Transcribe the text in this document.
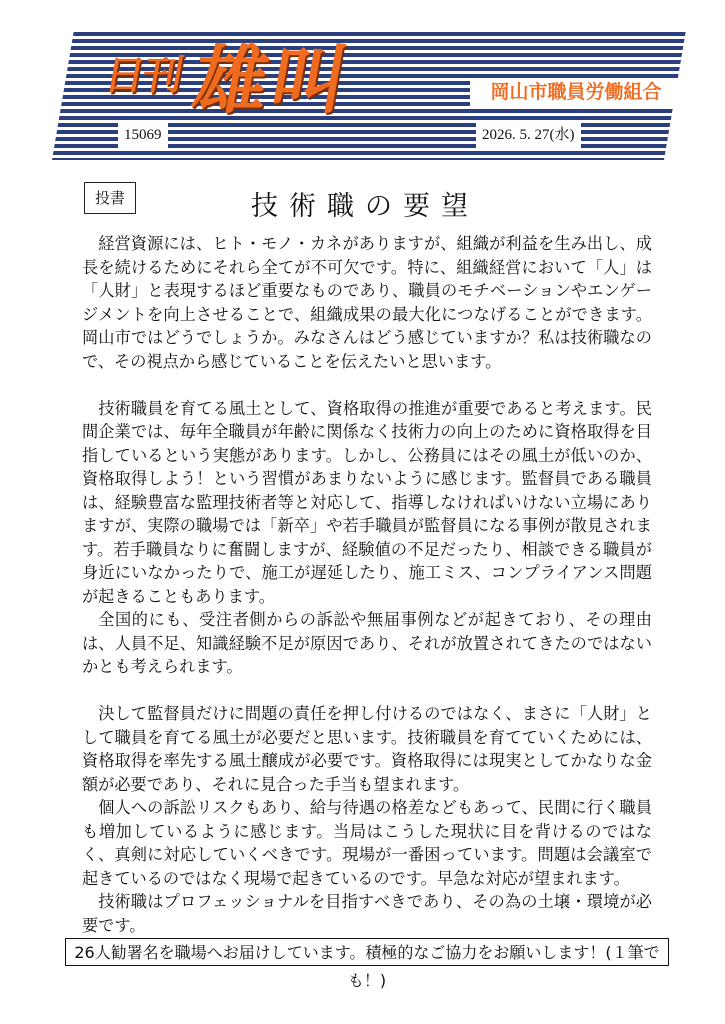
日刊雄叫	岡山市職員労働組合
15069	2026. 5. 27(水)
投書	技術職の要望

経営資源には、ヒト・モノ・カネがありますが、組織が利益を生み出し、成長を続けるためにそれら全てが不可欠です。特に、組織経営において「人」は「人財」と表現するほど重要なものであり、職員のモチベーションやエンゲージメントを向上させることで、組織成果の最大化につなげることができます。岡山市ではどうでしょうか。みなさんはどう感じていますか？私は技術職なので、その視点から感じていることを伝えたいと思います。

技術職員を育てる風土として、資格取得の推進が重要であると考えます。民間企業では、毎年全職員が年齢に関係なく技術力の向上のために資格取得を目指しているという実態があります。しかし、公務員にはその風土が低いのか、資格取得しよう！という習慣があまりないように感じます。監督員である職員は、経験豊富な監理技術者等と対応して、指導しなければいけない立場にありますが、実際の職場では「新卒」や若手職員が監督員になる事例が散見されます。若手職員なりに奮闘しますが、経験値の不足だったり、相談できる職員が身近にいなかったりで、施工が遅延したり、施工ミス、コンプライアンス問題が起きることもあります。

全国的にも、受注者側からの訴訟や無届事例などが起きており、その理由は、人員不足、知識経験不足が原因であり、それが放置されてきたのではないかとも考えられます。

決して監督員だけに問題の責任を押し付けるのではなく、まさに「人財」として職員を育てる風土が必要だと思います。技術職員を育てていくためには、資格取得を率先する風土醸成が必要です。資格取得には現実としてかなりな金額が必要であり、それに見合った手当も望まれます。

個人への訴訟リスクもあり、給与待遇の格差などもあって、民間に行く職員も増加しているように感じます。当局はこうした現状に目を背けるのではなく、真剣に対応していくべきです。現場が一番困っています。問題は会議室で起きているのではなく現場で起きているのです。早急な対応が望まれます。

技術職はプロフェッショナルを目指すべきであり、その為の土壌・環境が必要です。

26人勧署名を職場へお届けしています。積極的なご協力をお願いします！(１筆でも！)
